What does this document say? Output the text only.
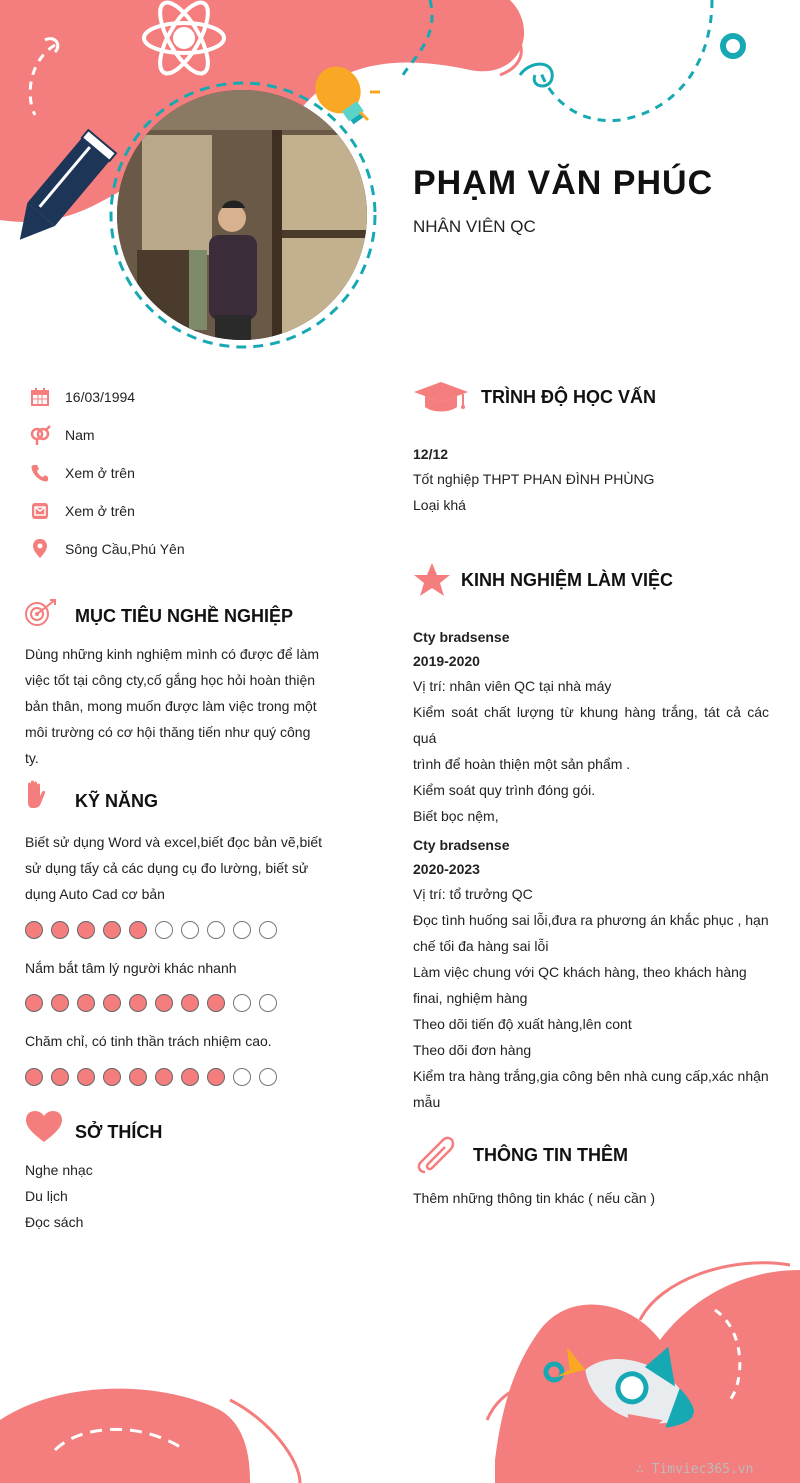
PHẠM VĂN PHÚC
NHÂN VIÊN QC
16/03/1994
Nam
Xem ở trên
Xem ở trên
Sông Cầu,Phú Yên
MỤC TIÊU NGHỀ NGHIỆP
Dùng những kinh nghiệm mình có được để làm
việc tốt tại công cty,cố gắng học hỏi hoàn thiện
bản thân, mong muốn được làm việc trong một
môi trường có cơ hội thăng tiến như quý công
ty.
KỸ NĂNG
Biết sử dụng Word và excel,biết đọc bản vẽ,biết
sử dụng tấy cả các dụng cụ đo lường, biết sử
dụng Auto Cad cơ bản
Nắm bắt tâm lý người khác nhanh
Chăm chỉ, có tinh thần trách nhiệm cao.
SỞ THÍCH
Nghe nhạc
Du lịch
Đọc sách
TRÌNH ĐỘ HỌC VẤN
12/12
Tốt nghiệp THPT PHAN ĐÌNH PHÙNG
Loại khá
KINH NGHIỆM LÀM VIỆC
Cty bradsense
2019-2020
Vị trí: nhân viên QC tại nhà máy
Kiểm soát chất lượng từ khung hàng trắng, tát cả các quá
trình để hoàn thiện một sản phẩm .
Kiểm soát quy trình đóng gói.
Biết bọc nệm,
Cty bradsense
2020-2023
Vị trí: tổ trưởng QC
Đọc tình huống sai lỗi,đưa ra phương án khắc phục , hạn
chế tối đa hàng sai lỗi
Làm việc chung với QC khách hàng, theo khách hàng
finai, nghiệm hàng
Theo dõi tiến độ xuất hàng,lên cont
Theo dõi đơn hàng
Kiểm tra hàng trắng,gia công bên nhà cung cấp,xác nhận
mẫu
THÔNG TIN THÊM
Thêm những thông tin khác ( nếu cần )
∴ Timviec365.vn
